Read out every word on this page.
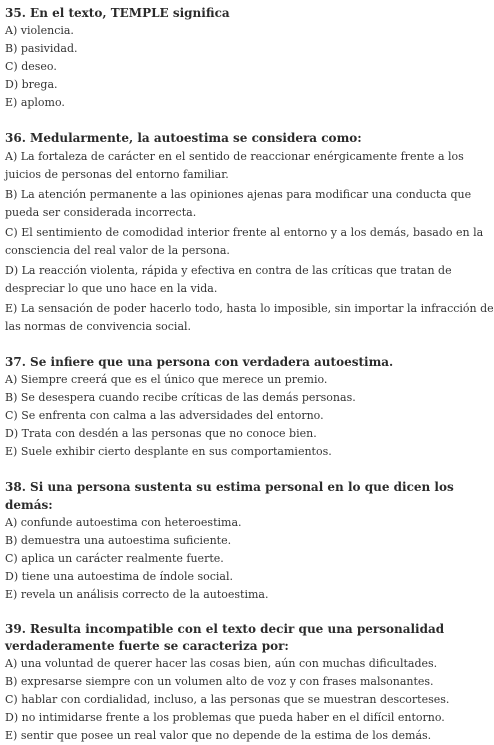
35. En el texto, TEMPLE significa

A) violencia.

B) pasividad.

C) deseo.

D) brega.

E) aplomo.

36. Medularmente, la autoestima se considera como:

A) La fortaleza de carácter en el sentido de reaccionar enérgicamente frente a los juicios de personas del entorno familiar.

B) La atención permanente a las opiniones ajenas para modificar una conducta que pueda ser considerada incorrecta.

C) El sentimiento de comodidad interior frente al entorno y a los demás, basado en la consciencia del real valor de la persona.

D) La reacción violenta, rápida y efectiva en contra de las críticas que tratan de despreciar lo que uno hace en la vida.

E) La sensación de poder hacerlo todo, hasta lo imposible, sin importar la infracción de las normas de convivencia social.

37. Se infiere que una persona con verdadera autoestima.

A) Siempre creerá que es el único que merece un premio.

B) Se desespera cuando recibe críticas de las demás personas.

C) Se enfrenta con calma a las adversidades del entorno.

D) Trata con desdén a las personas que no conoce bien.

E) Suele exhibir cierto desplante en sus comportamientos.

38. Si una persona sustenta su estima personal en lo que dicen los demás:

A) confunde autoestima con heteroestima.

B) demuestra una autoestima suficiente.

C) aplica un carácter realmente fuerte.

D) tiene una autoestima de índole social.

E) revela un análisis correcto de la autoestima.

39. Resulta incompatible con el texto decir que una personalidad verdaderamente fuerte se caracteriza por:

A) una voluntad de querer hacer las cosas bien, aún con muchas dificultades.

B) expresarse siempre con un volumen alto de voz y con frases malsonantes.

C) hablar con cordialidad, incluso, a las personas que se muestran descorteses.

D) no intimidarse frente a los problemas que pueda haber en el difícil entorno.

E) sentir que posee un real valor que no depende de la estima de los demás.
